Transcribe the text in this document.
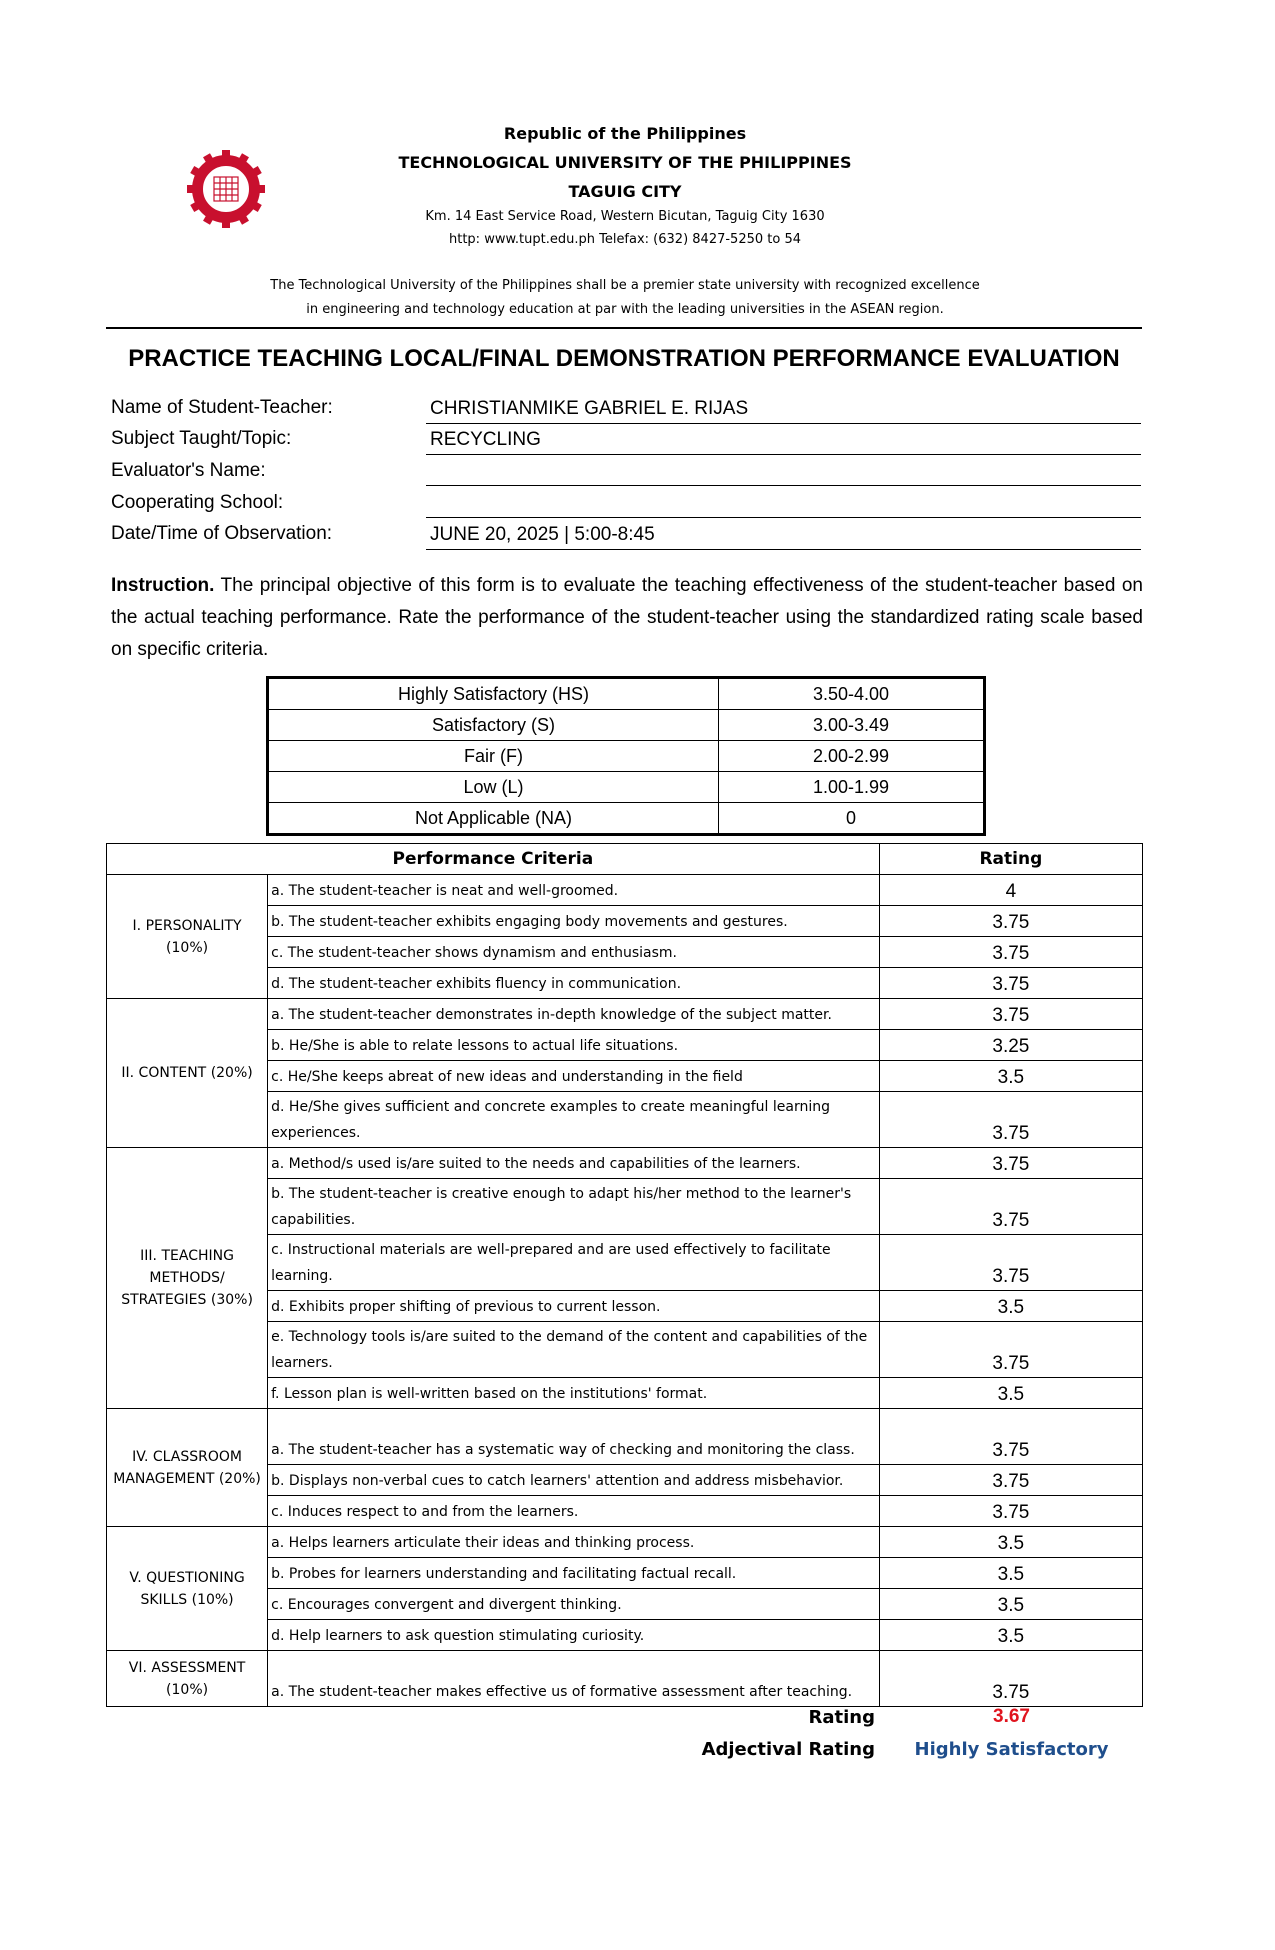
Republic of the Philippines
TECHNOLOGICAL UNIVERSITY OF THE PHILIPPINES
TAGUIG CITY
Km. 14 East Service Road, Western Bicutan, Taguig City 1630
http: www.tupt.edu.ph Telefax: (632) 8427-5250 to 54
The Technological University of the Philippines shall be a premier state university with recognized excellence
in engineering and technology education at par with the leading universities in the ASEAN region.
PRACTICE TEACHING LOCAL/FINAL DEMONSTRATION PERFORMANCE EVALUATION
Name of Student-Teacher:	CHRISTIANMIKE GABRIEL E. RIJAS
Subject Taught/Topic:	RECYCLING
Evaluator's Name:
Cooperating School:
Date/Time of Observation:	JUNE 20, 2025 | 5:00-8:45
Instruction. The principal objective of this form is to evaluate the teaching effectiveness of the student-teacher based on the actual teaching performance. Rate the performance of the student-teacher using the standardized rating scale based on specific criteria.
Highly Satisfactory (HS)	3.50-4.00
Satisfactory (S)	3.00-3.49
Fair (F)	2.00-2.99
Low (L)	1.00-1.99
Not Applicable (NA)	0
Performance Criteria		Rating
I. PERSONALITY (10%)	a. The student-teacher is neat and well-groomed.	4
	b. The student-teacher exhibits engaging body movements and gestures.	3.75
	c. The student-teacher shows dynamism and enthusiasm.	3.75
	d. The student-teacher exhibits fluency in communication.	3.75
II. CONTENT (20%)	a. The student-teacher demonstrates in-depth knowledge of the subject matter.	3.75
	b. He/She is able to relate lessons to actual life situations.	3.25
	c. He/She keeps abreat of new ideas and understanding in the field	3.5
	d. He/She gives sufficient and concrete examples to create meaningful learning experiences.	3.75
III. TEACHING METHODS/ STRATEGIES (30%)	a. Method/s used is/are suited to the needs and capabilities of the learners.	3.75
	b. The student-teacher is creative enough to adapt his/her method to the learner's capabilities.	3.75
	c. Instructional materials are well-prepared and are used effectively to facilitate learning.	3.75
	d. Exhibits proper shifting of previous to current lesson.	3.5
	e. Technology tools is/are suited to the demand of the content and capabilities of the learners.	3.75
	f. Lesson plan is well-written based on the institutions' format.	3.5
IV. CLASSROOM MANAGEMENT (20%)	a. The student-teacher has a systematic way of checking and monitoring the class.	3.75
	b. Displays non-verbal cues to catch learners' attention and address misbehavior.	3.75
	c. Induces respect to and from the learners.	3.75
V. QUESTIONING SKILLS (10%)	a. Helps learners articulate their ideas and thinking process.	3.5
	b. Probes for learners understanding and facilitating factual recall.	3.5
	c. Encourages convergent and divergent thinking.	3.5
	d. Help learners to ask question stimulating curiosity.	3.5
VI. ASSESSMENT (10%)	a. The student-teacher makes effective us of formative assessment after teaching.	3.75
Rating	3.67
Adjectival Rating	Highly Satisfactory
